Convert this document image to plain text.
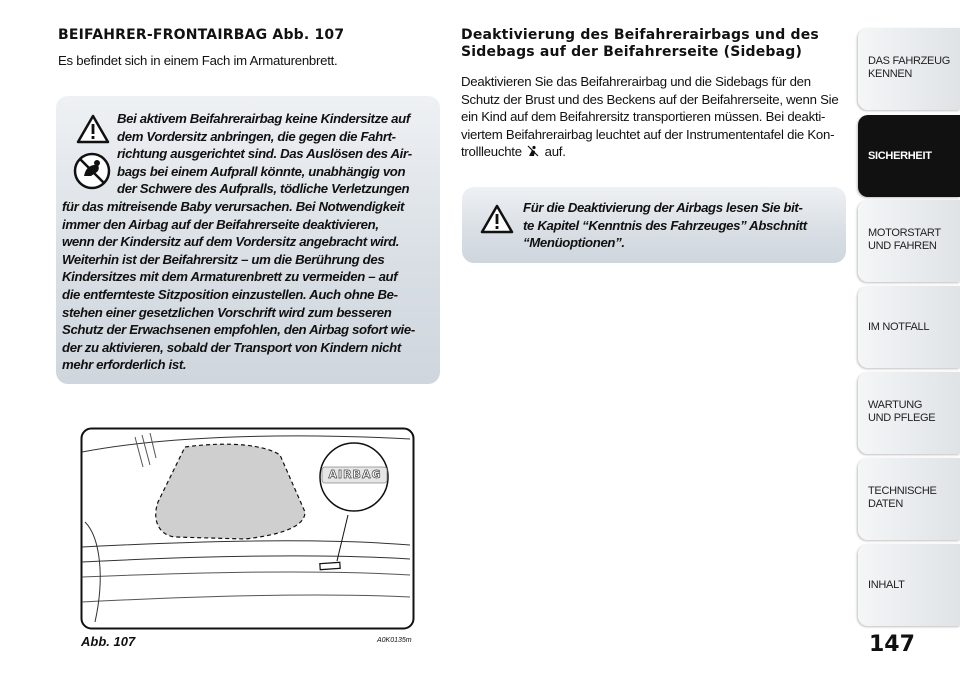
BEIFAHRER-FRONTAIRBAG Abb. 107

Es befindet sich in einem Fach im Armaturenbrett.

Bei aktivem Beifahrerairbag keine Kindersitze auf
dem Vordersitz anbringen, die gegen die Fahrt-
richtung ausgerichtet sind. Das Auslösen des Air-
bags bei einem Aufprall könnte, unabhängig von
der Schwere des Aufpralls, tödliche Verletzungen
für das mitreisende Baby verursachen. Bei Notwendigkeit
immer den Airbag auf der Beifahrerseite deaktivieren,
wenn der Kindersitz auf dem Vordersitz angebracht wird.
Weiterhin ist der Beifahrersitz – um die Berührung des
Kindersitzes mit dem Armaturenbrett zu vermeiden – auf
die entfernteste Sitzposition einzustellen. Auch ohne Be-
stehen einer gesetzlichen Vorschrift wird zum besseren
Schutz der Erwachsenen empfohlen, den Airbag sofort wie-
der zu aktivieren, sobald der Transport von Kindern nicht
mehr erforderlich ist.
AIRBAG
Abb. 107	A0K0135m
Deaktivierung des Beifahrerairbags und des
Sidebags auf der Beifahrerseite (Sidebag)

Deaktivieren Sie das Beifahrerairbag und die Sidebags für den

Schutz der Brust und des Beckens auf der Beifahrerseite, wenn Sie

ein Kind auf dem Beifahrersitz transportieren müssen. Bei deakti-

viertem Beifahrerairbag leuchtet auf der Instrumententafel die Kon-

trollleuchte auf.

Für die Deaktivierung der Airbags lesen Sie bit-
te Kapitel “Kenntnis des Fahrzeuges” Abschnitt
“Menüoptionen”.
DAS FAHRZEUG
KENNEN
SICHERHEIT
MOTORSTART
UND FAHREN
IM NOTFALL
WARTUNG
UND PFLEGE
TECHNISCHE
DATEN
INHALT
147
